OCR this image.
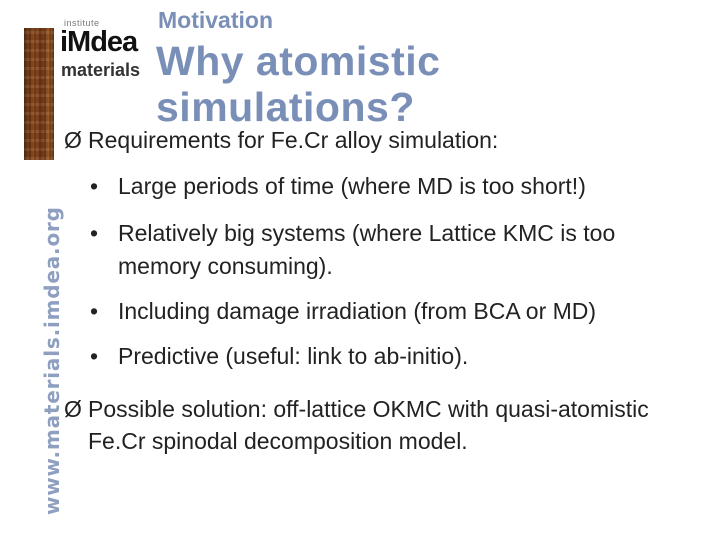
institute
iMdea
materials
www.materials.imdea.org
Motivation
Why atomistic simulations?
Ø Requirements for Fe.Cr alloy simulation:
• Large periods of time (where MD is too short!)
• Relatively big systems (where Lattice KMC is too memory consuming).
• Including damage irradiation (from BCA or MD)
• Predictive (useful: link to ab-initio).
Ø Possible solution: off-lattice OKMC with quasi-atomistic Fe.Cr spinodal decomposition model.
